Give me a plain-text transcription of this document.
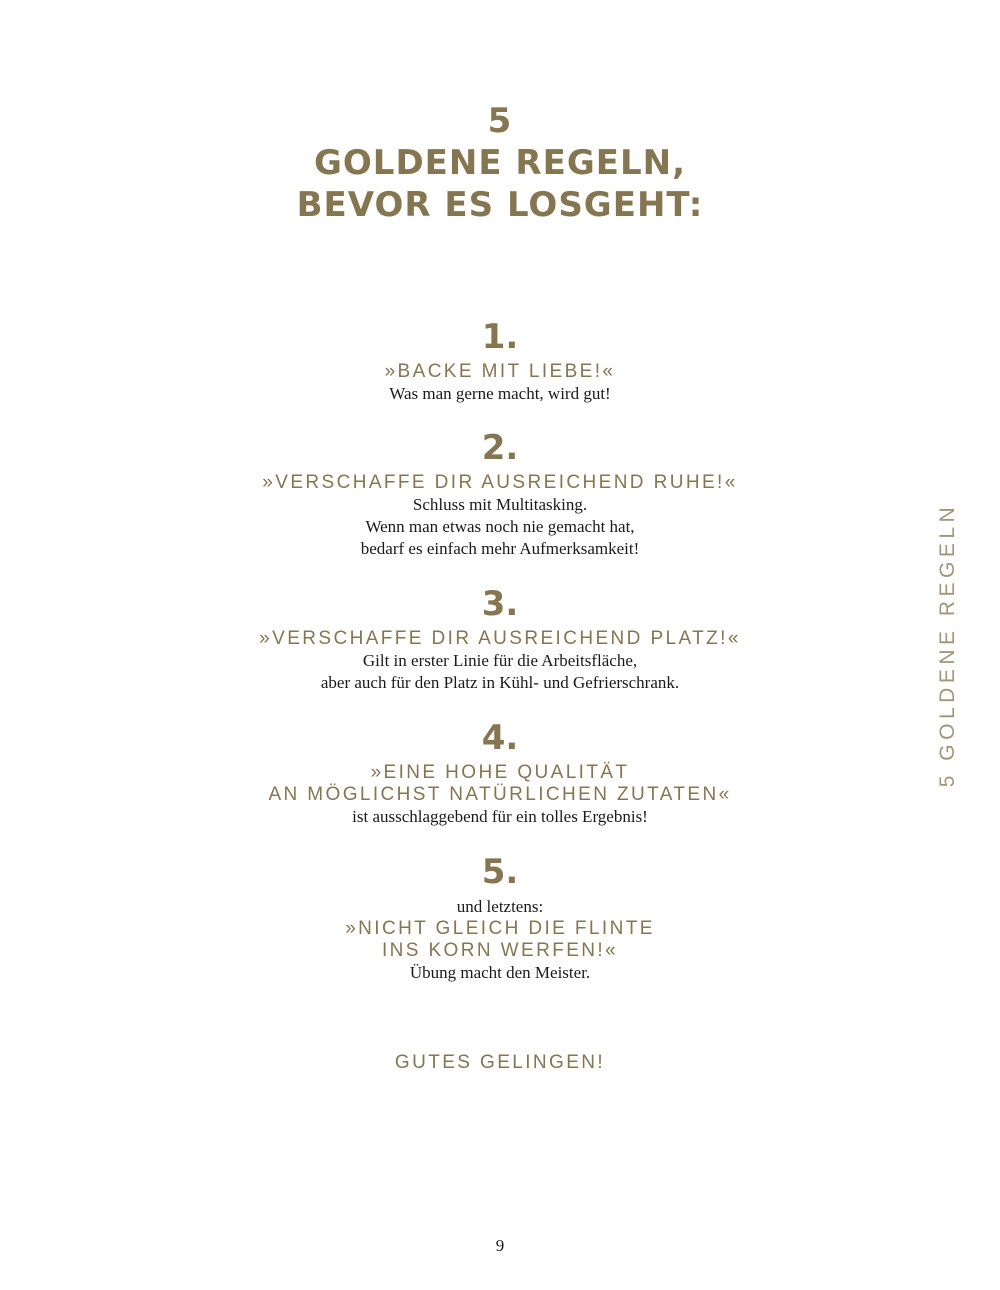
5
GOLDENE REGELN,
BEVOR ES LOSGEHT:
1.
»BACKE MIT LIEBE!«
Was man gerne macht, wird gut!
2.
»VERSCHAFFE DIR AUSREICHEND RUHE!«
Schluss mit Multitasking.
Wenn man etwas noch nie gemacht hat,
bedarf es einfach mehr Aufmerksamkeit!
3.
»VERSCHAFFE DIR AUSREICHEND PLATZ!«
Gilt in erster Linie für die Arbeitsfläche,
aber auch für den Platz in Kühl- und Gefrierschrank.
4.
»EINE HOHE QUALITÄT
AN MÖGLICHST NATÜRLICHEN ZUTATEN«
ist ausschlaggebend für ein tolles Ergebnis!
5.
und letztens:
»NICHT GLEICH DIE FLINTE
INS KORN WERFEN!«
Übung macht den Meister.
GUTES GELINGEN!
5 GOLDENE REGELN
9
